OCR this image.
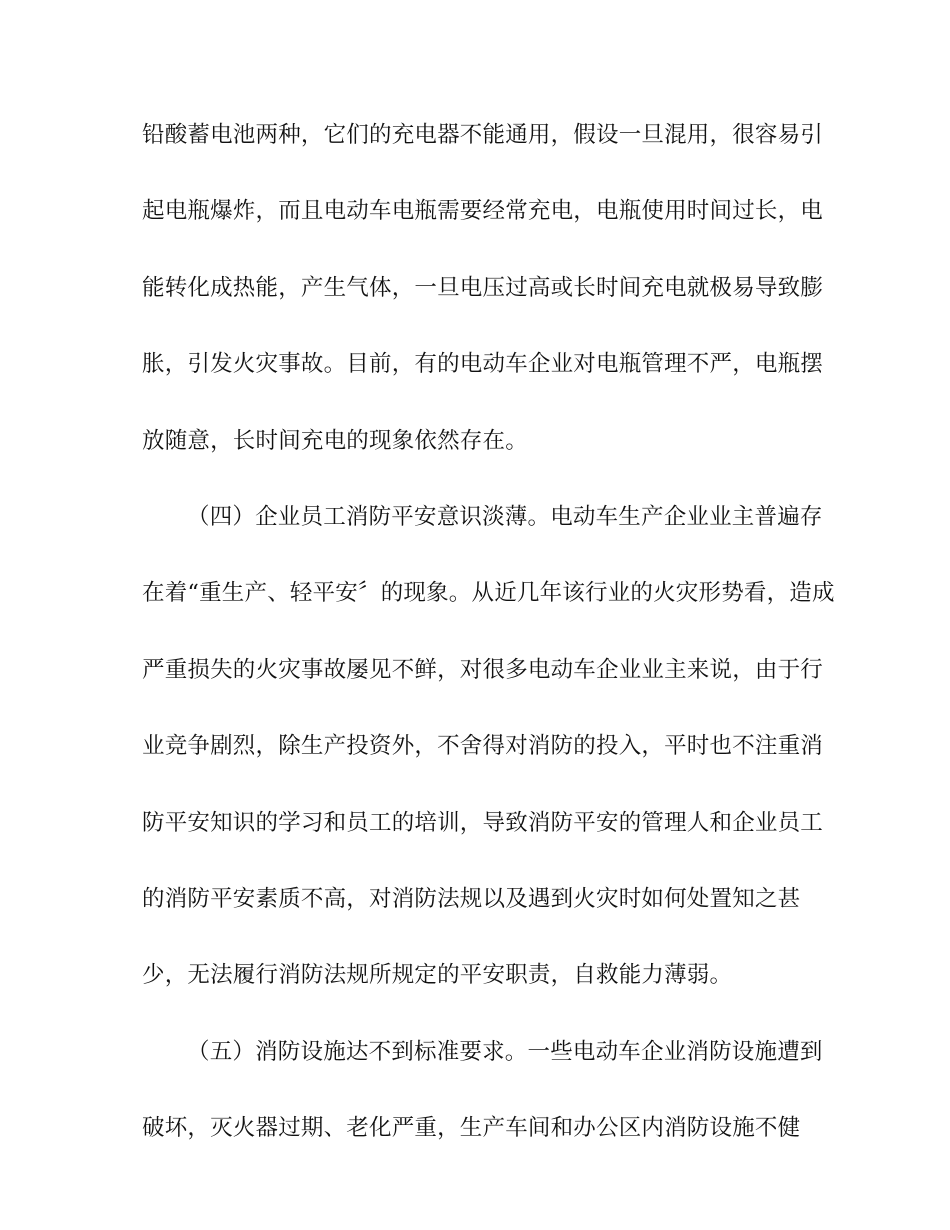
铅酸蓄电池两种，它们的充电器不能通用，假设一旦混用，很容易引
起电瓶爆炸，而且电动车电瓶需要经常充电，电瓶使用时间过长，电
能转化成热能，产生气体，一旦电压过高或长时间充电就极易导致膨
胀，引发火灾事故。目前，有的电动车企业对电瓶管理不严，电瓶摆
放随意，长时间充电的现象依然存在。
（四）企业员工消防平安意识淡薄。电动车生产企业业主普遍存
在着“重生产、轻平安〞的现象。从近几年该行业的火灾形势看，造成
严重损失的火灾事故屡见不鲜，对很多电动车企业业主来说，由于行
业竞争剧烈，除生产投资外，不舍得对消防的投入，平时也不注重消
防平安知识的学习和员工的培训，导致消防平安的管理人和企业员工
的消防平安素质不高，对消防法规以及遇到火灾时如何处置知之甚
少，无法履行消防法规所规定的平安职责，自救能力薄弱。
（五）消防设施达不到标准要求。一些电动车企业消防设施遭到
破坏，灭火器过期、老化严重，生产车间和办公区内消防设施不健
